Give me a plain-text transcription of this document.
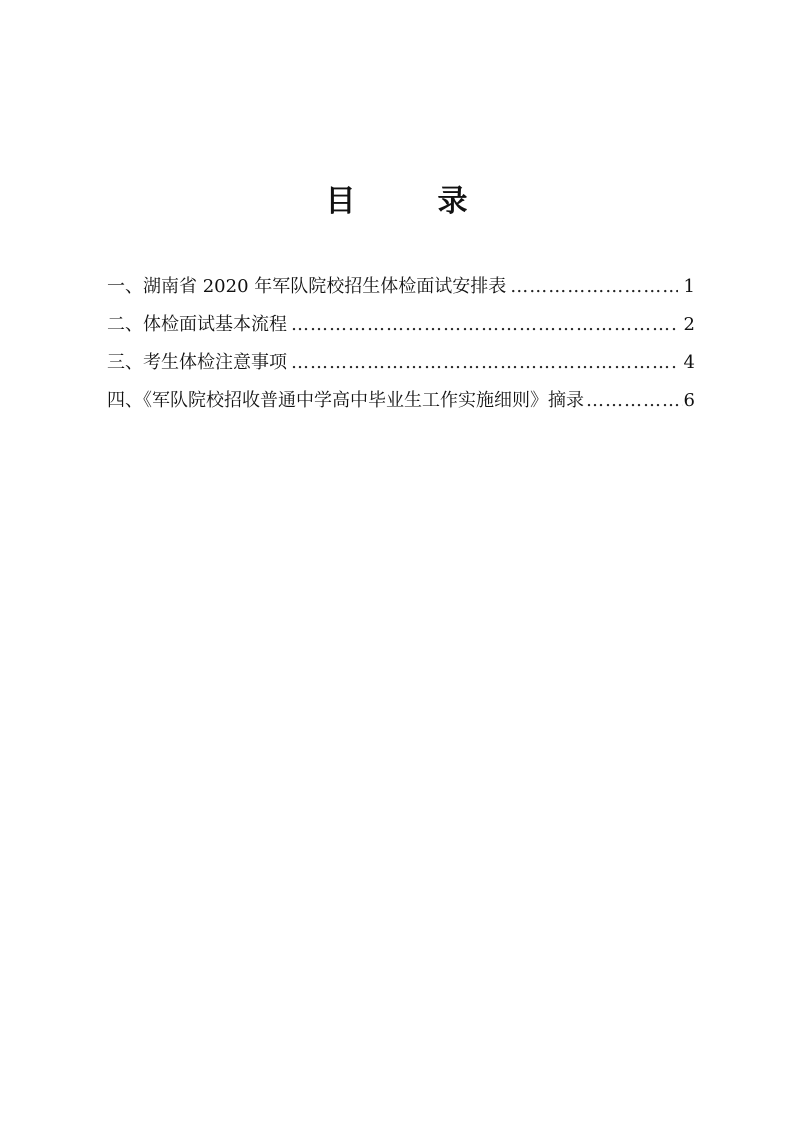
目　录
一、湖南省 2020 年军队院校招生体检面试安排表 ………………………………………………………………………………………………………………………………………………	1
二、体检面试基本流程 ………………………………………………………………………………………………………………………………………………	2
三、考生体检注意事项 ………………………………………………………………………………………………………………………………………………	4
四、《军队院校招收普通中学高中毕业生工作实施细则》摘录 ………………………………………………………………………………………………………………………………………………	6
